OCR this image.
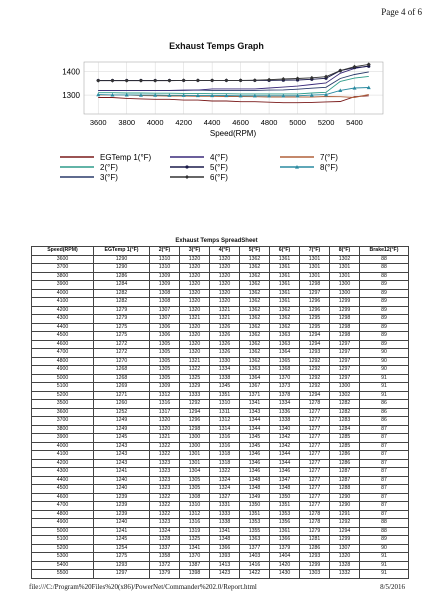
Page 4 of 6
Exhaust Temps Graph
1300
1400
3600 3800 4000 4200 4400 4600 4800 5000 5200 5400
Speed(RPM)
EGTemp 1(°F)
2(°F)
3(°F)
4(°F)
5(°F)
6(°F)
7(°F)
8(°F)
Exhaust Temps SpreadSheet
Speed(RPM)	EGTemp 1(°F)	2(°F)	3(°F)	4(°F)	5(°F)	6(°F)	7(°F)	8(°F)	Brake12(°F)
3600	1290	1310	1320	1320	1362	1361	1301	1302	88
3700	1290	1310	1320	1320	1362	1361	1301	1301	88
3800	1286	1309	1320	1320	1362	1361	1301	1301	88
3900	1284	1309	1320	1320	1362	1361	1298	1300	89
4000	1282	1308	1320	1320	1362	1361	1297	1300	89
4100	1282	1308	1320	1320	1362	1361	1296	1299	89
4200	1279	1307	1320	1321	1362	1362	1296	1299	89
4300	1279	1307	1321	1321	1362	1362	1295	1298	89
4400	1275	1306	1320	1326	1362	1362	1295	1298	89
4500	1275	1306	1320	1326	1362	1363	1294	1298	89
4600	1272	1305	1320	1326	1362	1363	1294	1297	89
4700	1272	1305	1320	1326	1362	1364	1293	1297	90
4800	1270	1305	1321	1330	1362	1365	1292	1297	90
4900	1268	1305	1322	1334	1363	1368	1292	1297	90
5000	1268	1305	1325	1338	1364	1370	1292	1297	91
5100	1269	1309	1329	1345	1367	1373	1292	1300	91
5200	1271	1312	1333	1351	1371	1378	1294	1302	91
3500	1260	1316	1292	1310	1341	1334	1278	1282	86
3600	1252	1317	1294	1311	1343	1336	1277	1282	86
3700	1249	1320	1296	1312	1344	1338	1277	1283	86
3800	1249	1320	1298	1314	1344	1340	1277	1284	87
3900	1245	1321	1300	1316	1345	1342	1277	1285	87
4000	1243	1322	1300	1316	1345	1342	1277	1285	87
4100	1243	1322	1301	1318	1346	1344	1277	1286	87
4200	1243	1323	1301	1318	1346	1344	1277	1286	87
4300	1241	1323	1304	1322	1346	1346	1277	1287	87
4400	1240	1323	1305	1324	1348	1347	1277	1287	87
4500	1240	1323	1305	1324	1348	1348	1277	1288	87
4600	1239	1322	1308	1327	1349	1350	1277	1290	87
4700	1239	1322	1310	1331	1350	1351	1277	1290	87
4800	1239	1322	1312	1333	1351	1353	1278	1291	87
4900	1240	1323	1316	1338	1353	1356	1278	1292	88
5000	1241	1324	1319	1341	1355	1361	1279	1294	88
5100	1245	1328	1325	1348	1363	1366	1281	1299	89
5200	1254	1337	1341	1366	1377	1379	1286	1307	90
5300	1275	1358	1370	1393	1403	1404	1293	1320	91
5400	1293	1372	1387	1413	1416	1420	1299	1328	91
5500	1297	1379	1398	1423	1422	1430	1303	1332	91
file:///C:/Program%20Files%20(x86)/PowerNet/Commander%202.0/Report.html	8/5/2016
